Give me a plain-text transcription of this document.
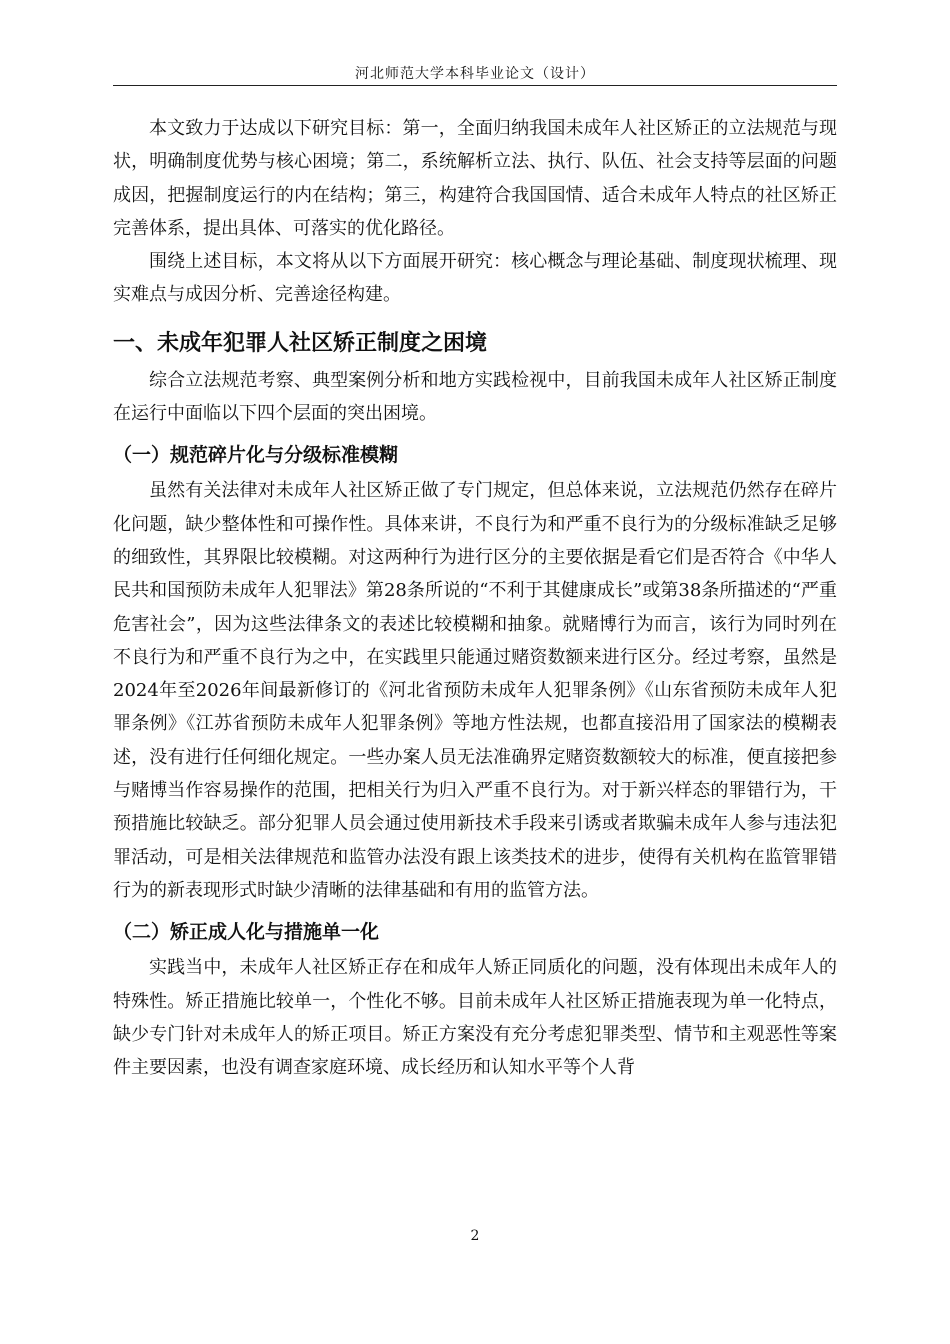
河北师范大学本科毕业论文（设计）

本文致力于达成以下研究目标：第一，全面归纳我国未成年人社区矫正的立法规范与现状，明确制度优势与核心困境；第二，系统解析立法、执行、队伍、社会支持等层面的问题成因，把握制度运行的内在结构；第三，构建符合我国国情、适合未成年人特点的社区矫正完善体系，提出具体、可落实的优化路径。

围绕上述目标，本文将从以下方面展开研究：核心概念与理论基础、制度现状梳理、现实难点与成因分析、完善途径构建。

一、未成年犯罪人社区矫正制度之困境

综合立法规范考察、典型案例分析和地方实践检视中，目前我国未成年人社区矫正制度在运行中面临以下四个层面的突出困境。

（一）规范碎片化与分级标准模糊

虽然有关法律对未成年人社区矫正做了专门规定，但总体来说，立法规范仍然存在碎片化问题，缺少整体性和可操作性。具体来讲，不良行为和严重不良行为的分级标准缺乏足够的细致性，其界限比较模糊。对这两种行为进行区分的主要依据是看它们是否符合《中华人民共和国预防未成年人犯罪法》第28条所说的“不利于其健康成长”或第38条所描述的“严重危害社会”，因为这些法律条文的表述比较模糊和抽象。就赌博行为而言，该行为同时列在不良行为和严重不良行为之中，在实践里只能通过赌资数额来进行区分。经过考察，虽然是2024年至2026年间最新修订的《河北省预防未成年人犯罪条例》《山东省预防未成年人犯罪条例》《江苏省预防未成年人犯罪条例》等地方性法规，也都直接沿用了国家法的模糊表述，没有进行任何细化规定。一些办案人员无法准确界定赌资数额较大的标准，便直接把参与赌博当作容易操作的范围，把相关行为归入严重不良行为。对于新兴样态的罪错行为，干预措施比较缺乏。部分犯罪人员会通过使用新技术手段来引诱或者欺骗未成年人参与违法犯罪活动，可是相关法律规范和监管办法没有跟上该类技术的进步，使得有关机构在监管罪错行为的新表现形式时缺少清晰的法律基础和有用的监管方法。

（二）矫正成人化与措施单一化

实践当中，未成年人社区矫正存在和成年人矫正同质化的问题，没有体现出未成年人的特殊性。矫正措施比较单一，个性化不够。目前未成年人社区矫正措施表现为单一化特点，缺少专门针对未成年人的矫正项目。矫正方案没有充分考虑犯罪类型、情节和主观恶性等案件主要因素，也没有调查家庭环境、成长经历和认知水平等个人背

2
